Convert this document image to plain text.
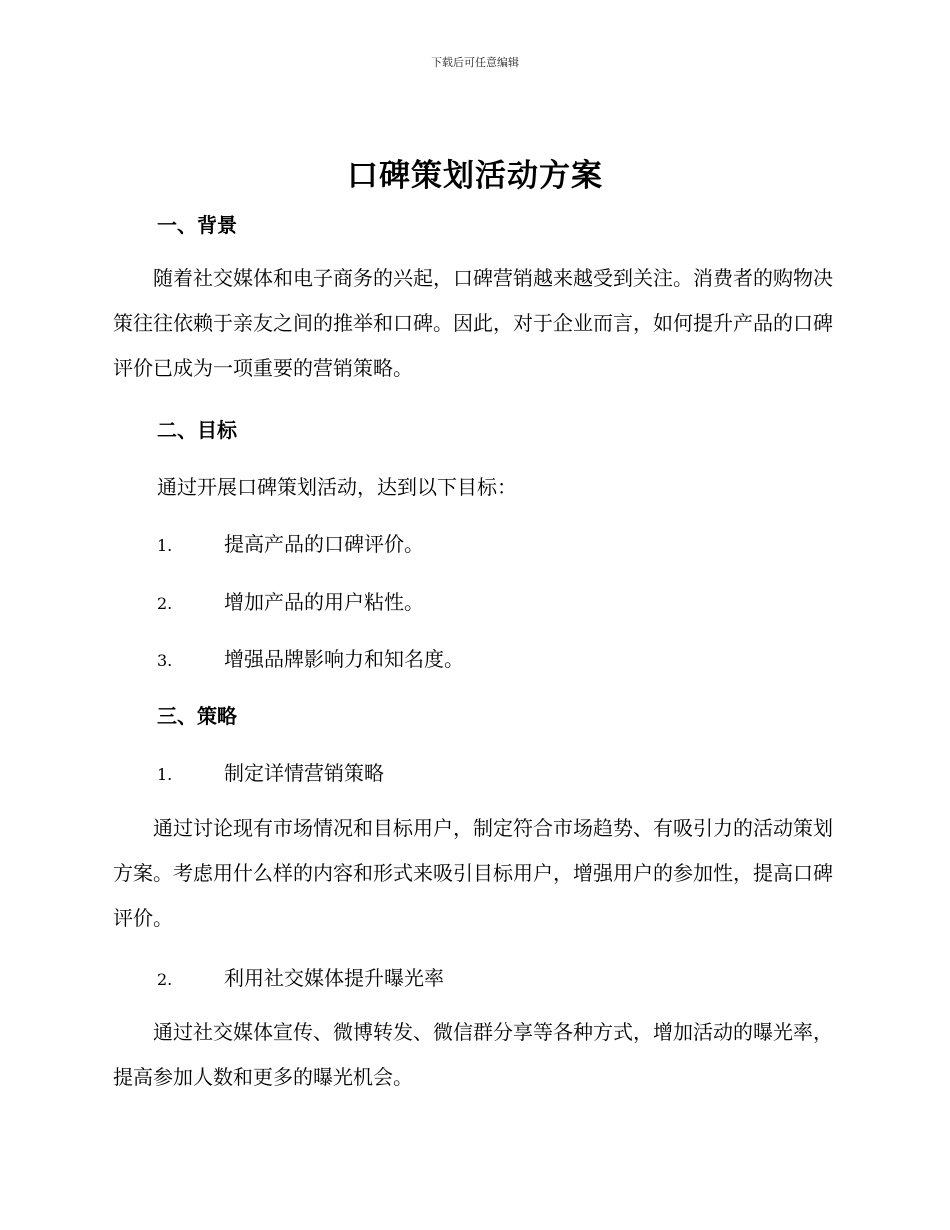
下载后可任意编辑
口碑策划活动方案
一、背景
随着社交媒体和电子商务的兴起，口碑营销越来越受到关注。消费者的购物决策往往依赖于亲友之间的推举和口碑。因此，对于企业而言，如何提升产品的口碑评价已成为一项重要的营销策略。
二、目标
通过开展口碑策划活动，达到以下目标：
1.	提高产品的口碑评价。
2.	增加产品的用户粘性。
3.	增强品牌影响力和知名度。
三、策略
1.	制定详情营销策略
通过讨论现有市场情况和目标用户，制定符合市场趋势、有吸引力的活动策划方案。考虑用什么样的内容和形式来吸引目标用户，增强用户的参加性，提高口碑评价。
2.	利用社交媒体提升曝光率
通过社交媒体宣传、微博转发、微信群分享等各种方式，增加活动的曝光率，提高参加人数和更多的曝光机会。
